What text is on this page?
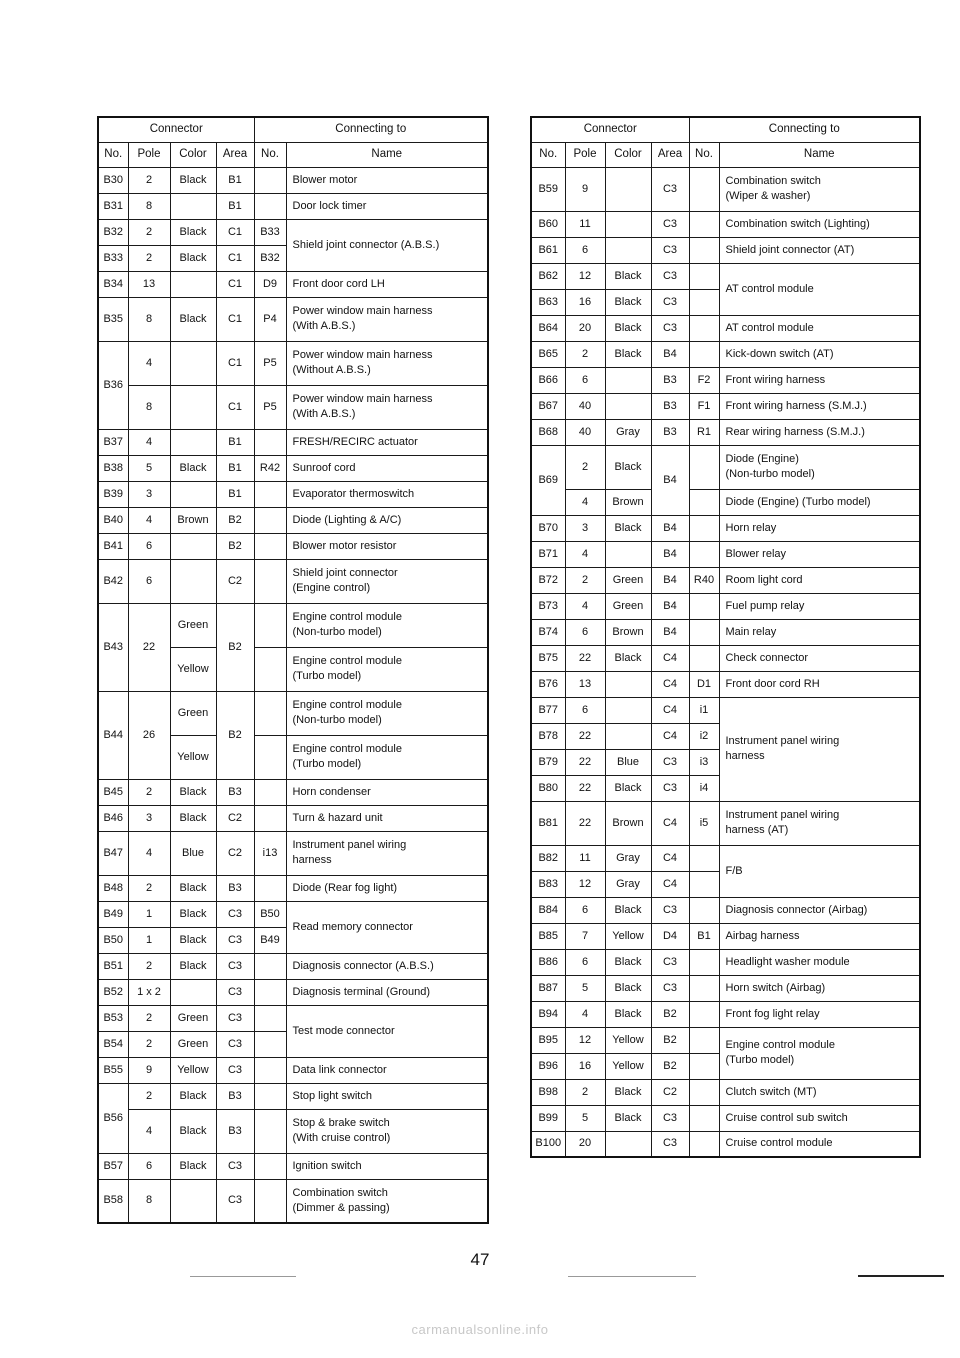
Connector				Connecting to	
No.	Pole	Color	Area	No.	Name
B30	2	Black	B1		Blower motor
B31	8		B1		Door lock timer
B32	2	Black	C1	B33	Shield joint connector (A.B.S.)
B33	2	Black	C1	B32	
B34	13		C1	D9	Front door cord LH
B35	8	Black	C1	P4	Power window main harness
(With A.B.S.)
B36	4		C1	P5	Power window main harness
(Without A.B.S.)
	8		C1	P5	Power window main harness
(With A.B.S.)
B37	4		B1		FRESH/RECIRC actuator
B38	5	Black	B1	R42	Sunroof cord
B39	3		B1		Evaporator thermoswitch
B40	4	Brown	B2		Diode (Lighting & A/C)
B41	6		B2		Blower motor resistor
B42	6		C2		Shield joint connector
(Engine control)
B43	22	Green	B2		Engine control module
(Non-turbo model)
		Yellow			Engine control module
(Turbo model)
B44	26	Green	B2		Engine control module
(Non-turbo model)
		Yellow			Engine control module
(Turbo model)
B45	2	Black	B3		Horn condenser
B46	3	Black	C2		Turn & hazard unit
B47	4	Blue	C2	i13	Instrument panel wiring
harness
B48	2	Black	B3		Diode (Rear fog light)
B49	1	Black	C3	B50	Read memory connector
B50	1	Black	C3	B49	
B51	2	Black	C3		Diagnosis connector (A.B.S.)
B52	1 x 2		C3		Diagnosis terminal (Ground)
B53	2	Green	C3		Test mode connector
B54	2	Green	C3		
B55	9	Yellow	C3		Data link connector
B56	2	Black	B3		Stop light switch
	4	Black	B3		Stop & brake switch
(With cruise control)
B57	6	Black	C3		Ignition switch
B58	8		C3		Combination switch
(Dimmer & passing)
Connector				Connecting to	
No.	Pole	Color	Area	No.	Name
B59	9		C3		Combination switch
(Wiper & washer)
B60	11		C3		Combination switch (Lighting)
B61	6		C3		Shield joint connector (AT)
B62	12	Black	C3		AT control module
B63	16	Black	C3		
B64	20	Black	C3		AT control module
B65	2	Black	B4		Kick-down switch (AT)
B66	6		B3	F2	Front wiring harness
B67	40		B3	F1	Front wiring harness (S.M.J.)
B68	40	Gray	B3	R1	Rear wiring harness (S.M.J.)
B69	2	Black	B4		Diode (Engine)
(Non-turbo model)
	4	Brown			Diode (Engine) (Turbo model)
B70	3	Black	B4		Horn relay
B71	4		B4		Blower relay
B72	2	Green	B4	R40	Room light cord
B73	4	Green	B4		Fuel pump relay
B74	6	Brown	B4		Main relay
B75	22	Black	C4		Check connector
B76	13		C4	D1	Front door cord RH
B77	6		C4	i1	Instrument panel wiring
harness
B78	22		C4	i2	
B79	22	Blue	C3	i3	
B80	22	Black	C3	i4	
B81	22	Brown	C4	i5	Instrument panel wiring
harness (AT)
B82	11	Gray	C4		F/B
B83	12	Gray	C4		
B84	6	Black	C3		Diagnosis connector (Airbag)
B85	7	Yellow	D4	B1	Airbag harness
B86	6	Black	C3		Headlight washer module
B87	5	Black	C3		Horn switch (Airbag)
B94	4	Black	B2		Front fog light relay
B95	12	Yellow	B2		Engine control module
(Turbo model)
B96	16	Yellow	B2		
B98	2	Black	C2		Clutch switch (MT)
B99	5	Black	C3		Cruise control sub switch
B100	20		C3		Cruise control module
47
carmanualsonline.info
